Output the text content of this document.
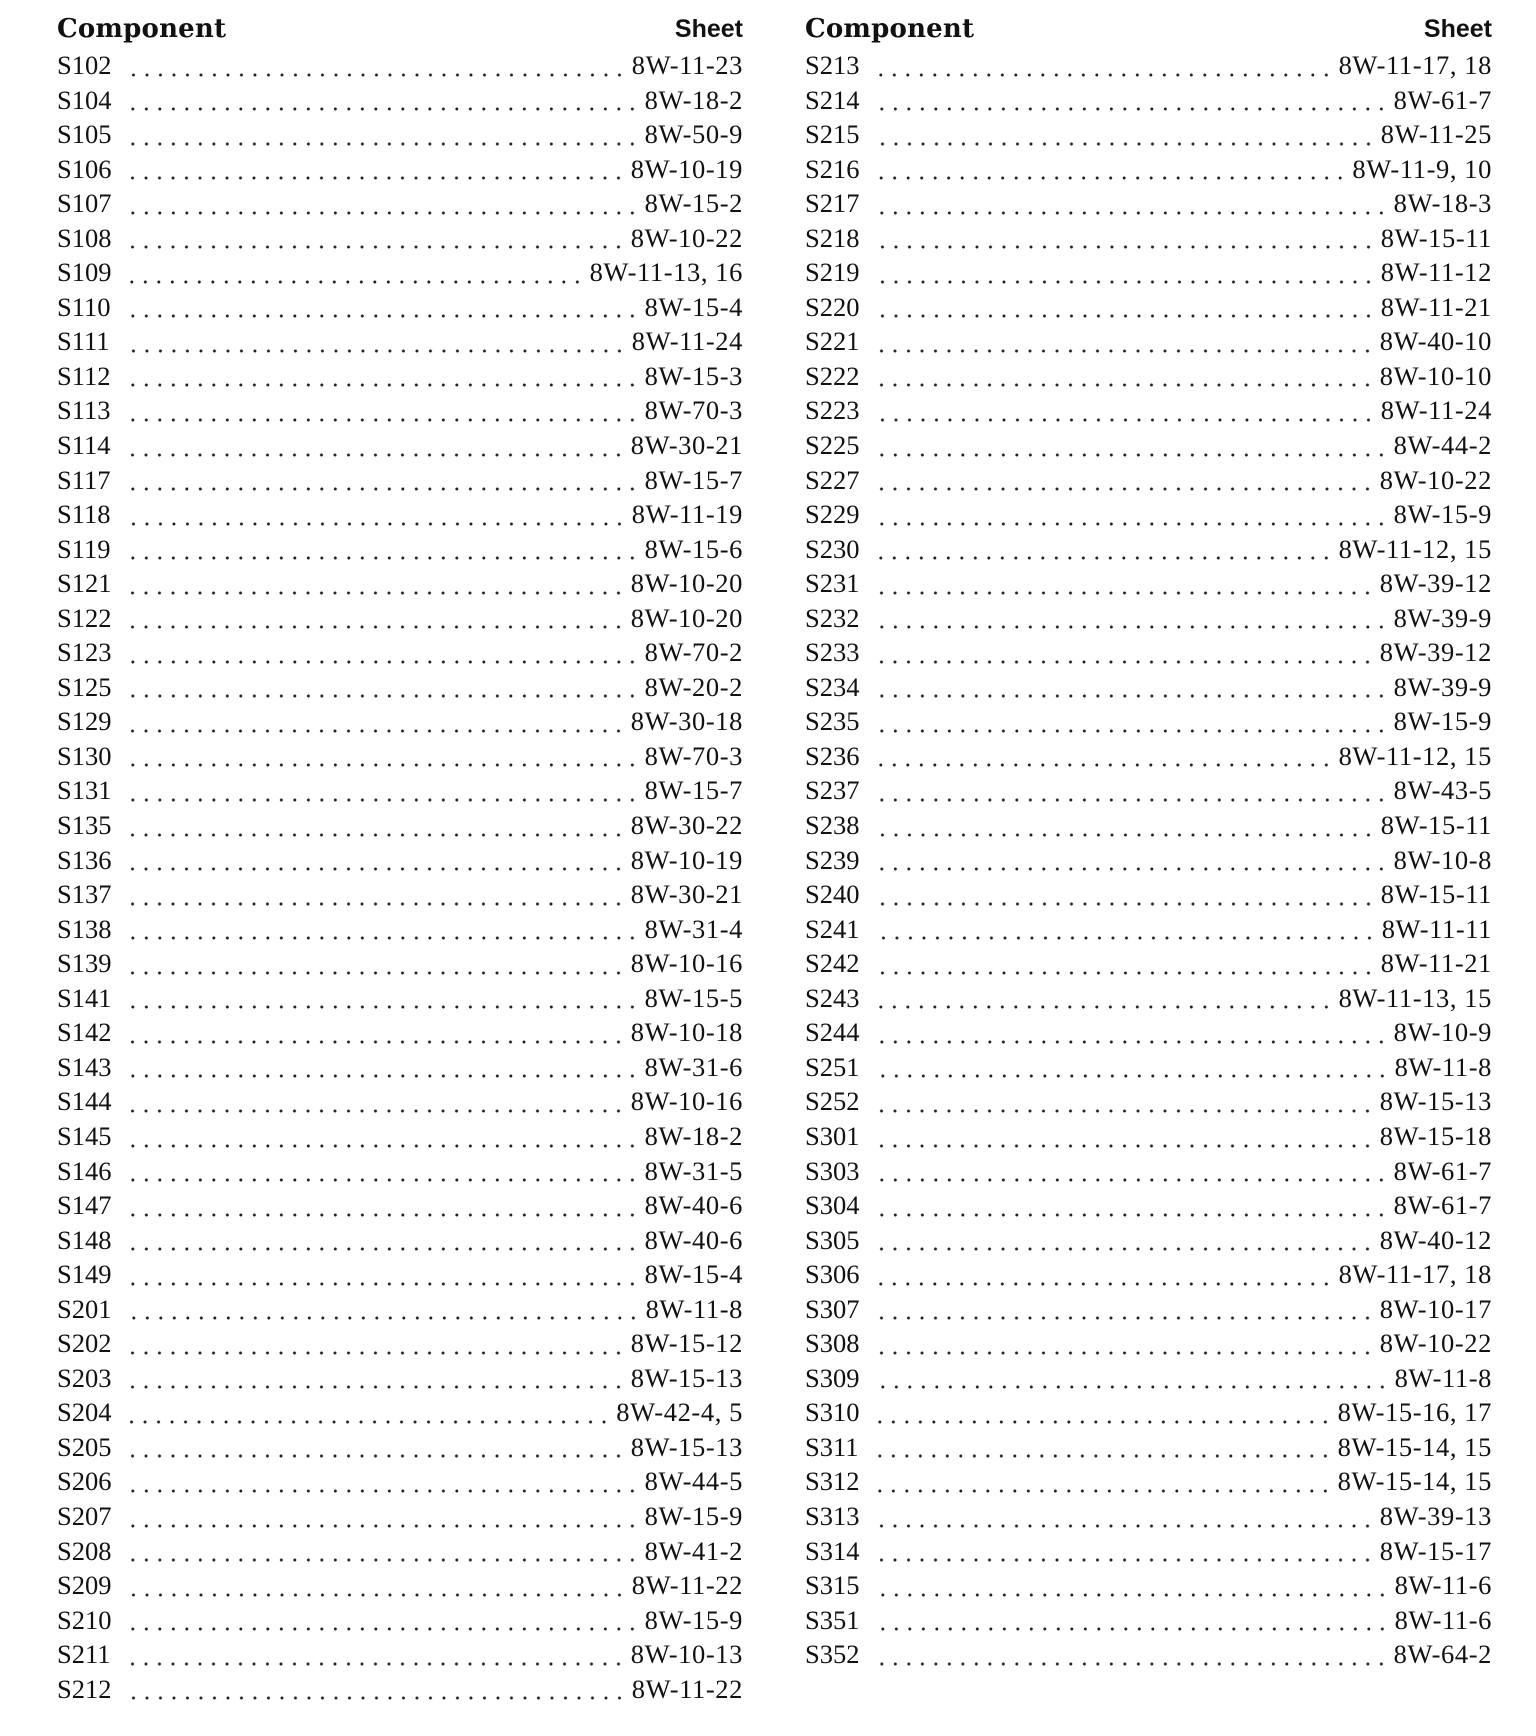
Component	Sheet
S102	8W-11-23
S104	8W-18-2
S105	8W-50-9
S106	8W-10-19
S107	8W-15-2
S108	8W-10-22
S109	8W-11-13, 16
S110	8W-15-4
S111	8W-11-24
S112	8W-15-3
S113	8W-70-3
S114	8W-30-21
S117	8W-15-7
S118	8W-11-19
S119	8W-15-6
S121	8W-10-20
S122	8W-10-20
S123	8W-70-2
S125	8W-20-2
S129	8W-30-18
S130	8W-70-3
S131	8W-15-7
S135	8W-30-22
S136	8W-10-19
S137	8W-30-21
S138	8W-31-4
S139	8W-10-16
S141	8W-15-5
S142	8W-10-18
S143	8W-31-6
S144	8W-10-16
S145	8W-18-2
S146	8W-31-5
S147	8W-40-6
S148	8W-40-6
S149	8W-15-4
S201	8W-11-8
S202	8W-15-12
S203	8W-15-13
S204	8W-42-4, 5
S205	8W-15-13
S206	8W-44-5
S207	8W-15-9
S208	8W-41-2
S209	8W-11-22
S210	8W-15-9
S211	8W-10-13
S212	8W-11-22
Component	Sheet
S213	8W-11-17, 18
S214	8W-61-7
S215	8W-11-25
S216	8W-11-9, 10
S217	8W-18-3
S218	8W-15-11
S219	8W-11-12
S220	8W-11-21
S221	8W-40-10
S222	8W-10-10
S223	8W-11-24
S225	8W-44-2
S227	8W-10-22
S229	8W-15-9
S230	8W-11-12, 15
S231	8W-39-12
S232	8W-39-9
S233	8W-39-12
S234	8W-39-9
S235	8W-15-9
S236	8W-11-12, 15
S237	8W-43-5
S238	8W-15-11
S239	8W-10-8
S240	8W-15-11
S241	8W-11-11
S242	8W-11-21
S243	8W-11-13, 15
S244	8W-10-9
S251	8W-11-8
S252	8W-15-13
S301	8W-15-18
S303	8W-61-7
S304	8W-61-7
S305	8W-40-12
S306	8W-11-17, 18
S307	8W-10-17
S308	8W-10-22
S309	8W-11-8
S310	8W-15-16, 17
S311	8W-15-14, 15
S312	8W-15-14, 15
S313	8W-39-13
S314	8W-15-17
S315	8W-11-6
S351	8W-11-6
S352	8W-64-2
